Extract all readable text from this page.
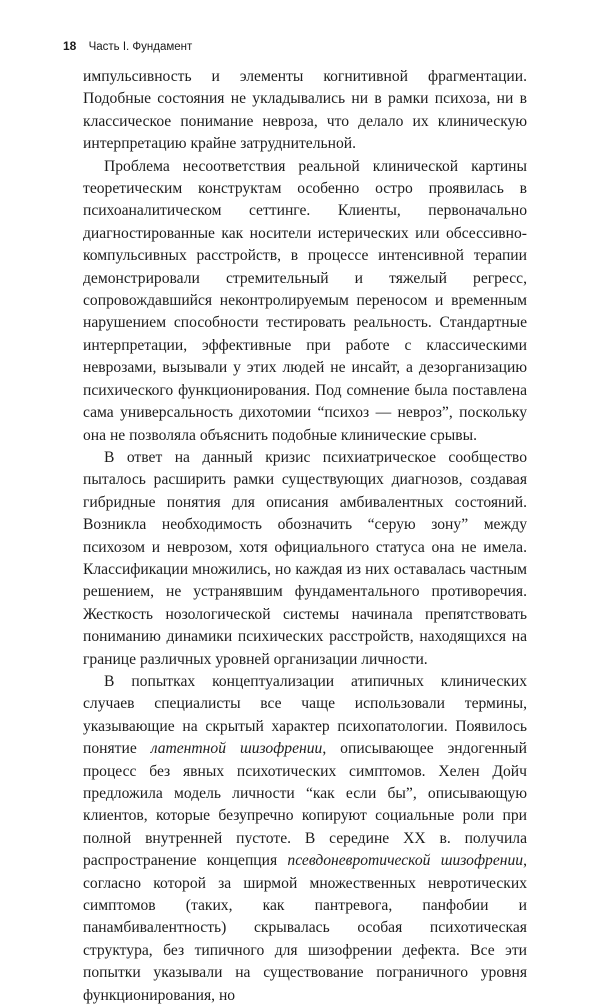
18 Часть I. Фундамент

импульсивность и элементы когнитивной фрагментации. Подобные состояния не укладывались ни в рамки психоза, ни в классическое понимание невроза, что делало их клиническую интерпретацию крайне затруднительной.

Проблема несоответствия реальной клинической картины теоретическим конструктам особенно остро проявилась в психоаналитическом сеттинге. Клиенты, первоначально диагностированные как носители истерических или обсессивно-компульсивных расстройств, в процессе интенсивной терапии демонстрировали стремительный и тяжелый регресс, сопровождавшийся неконтролируемым переносом и временным нарушением способности тестировать реальность. Стандартные интерпретации, эффективные при работе с классическими неврозами, вызывали у этих людей не инсайт, а дезорганизацию психического функционирования. Под сомнение была поставлена сама универсальность дихотомии “психоз — невроз”, поскольку она не позволяла объяснить подобные клинические срывы.

В ответ на данный кризис психиатрическое сообщество пыталось расширить рамки существующих диагнозов, создавая гибридные понятия для описания амбивалентных состояний. Возникла необходимость обозначить “серую зону” между психозом и неврозом, хотя официального статуса она не имела. Классификации множились, но каждая из них оставалась частным решением, не устранявшим фундаментального противоречия. Жесткость нозологической системы начинала препятствовать пониманию динамики психических расстройств, находящихся на границе различных уровней организации личности.

В попытках концептуализации атипичных клинических случаев специалисты все чаще использовали термины, указывающие на скрытый характер психопатологии. Появилось понятие латентной шизофрении, описывающее эндогенный процесс без явных психотических симптомов. Хелен Дойч предложила модель личности “как если бы”, описывающую клиентов, которые безупречно копируют социальные роли при полной внутренней пустоте. В середине XX в. получила распространение концепция псевдоневротической шизофрении, согласно которой за ширмой множественных невротических симптомов (таких, как пантревога, панфобии и панамбивалентность) скрывалась особая психотическая структура, без типичного для шизофрении дефекта. Все эти попытки указывали на существование пограничного уровня функционирования, но
